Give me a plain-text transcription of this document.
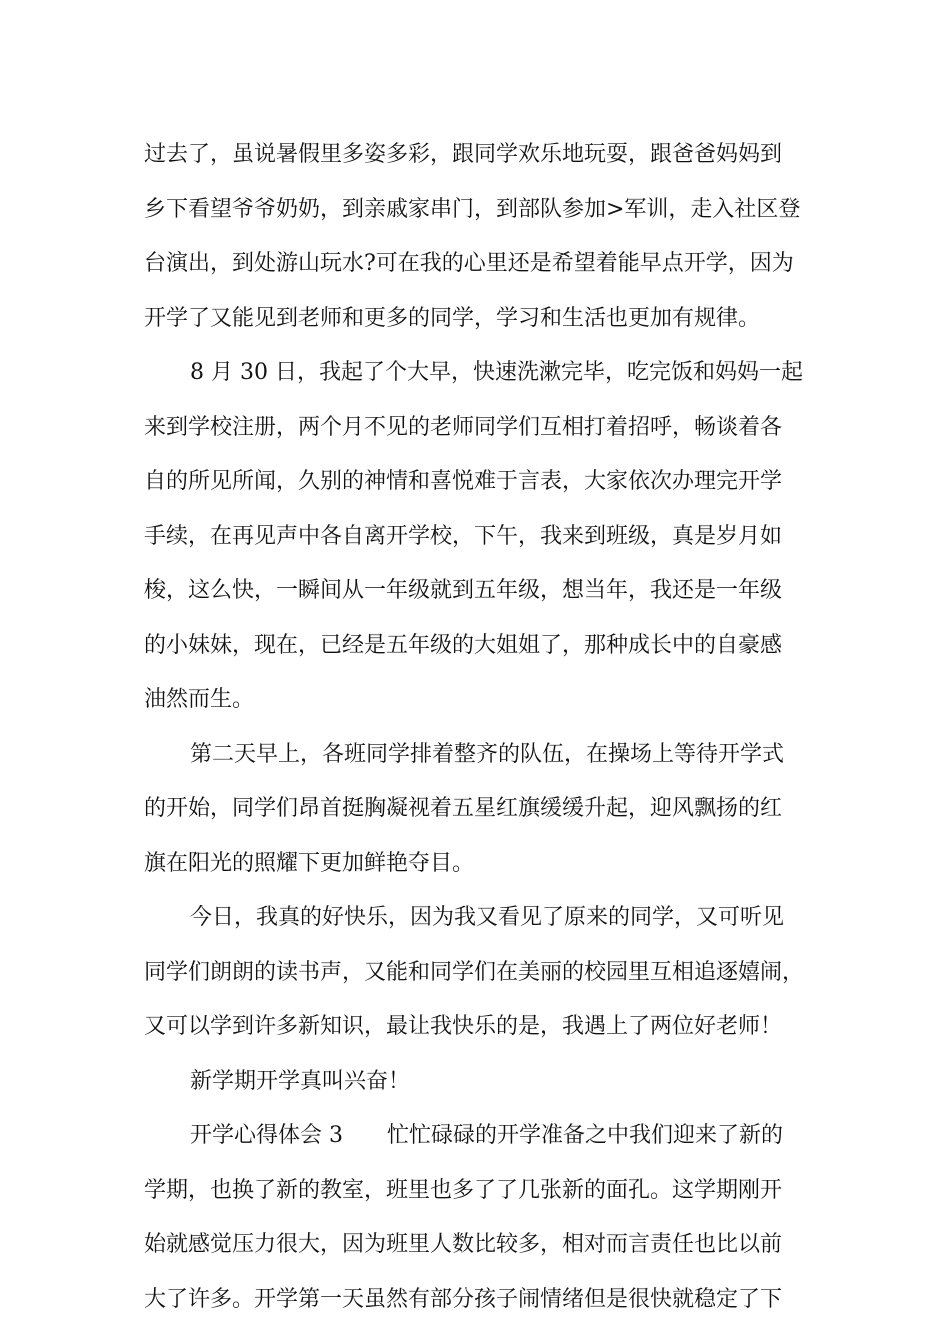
过去了，虽说暑假里多姿多彩，跟同学欢乐地玩耍，跟爸爸妈妈到
乡下看望爷爷奶奶，到亲戚家串门，到部队参加>军训，走入社区登
台演出，到处游山玩水?可在我的心里还是希望着能早点开学，因为
开学了又能见到老师和更多的同学，学习和生活也更加有规律。
8 月 30 日，我起了个大早，快速洗漱完毕，吃完饭和妈妈一起
来到学校注册，两个月不见的老师同学们互相打着招呼，畅谈着各
自的所见所闻，久别的神情和喜悦难于言表，大家依次办理完开学
手续，在再见声中各自离开学校，下午，我来到班级，真是岁月如
梭，这么快，一瞬间从一年级就到五年级，想当年，我还是一年级
的小妹妹，现在，已经是五年级的大姐姐了，那种成长中的自豪感
油然而生。
第二天早上，各班同学排着整齐的队伍，在操场上等待开学式
的开始，同学们昂首挺胸凝视着五星红旗缓缓升起，迎风飘扬的红
旗在阳光的照耀下更加鲜艳夺目。
今日，我真的好快乐，因为我又看见了原来的同学，又可听见
同学们朗朗的读书声，又能和同学们在美丽的校园里互相追逐嬉闹，
又可以学到许多新知识，最让我快乐的是，我遇上了两位好老师！
新学期开学真叫兴奋！
开学心得体会 3 忙忙碌碌的开学准备之中我们迎来了新的
学期，也换了新的教室，班里也多了了几张新的面孔。这学期刚开
始就感觉压力很大，因为班里人数比较多，相对而言责任也比以前
大了许多。开学第一天虽然有部分孩子闹情绪但是很快就稳定了下
